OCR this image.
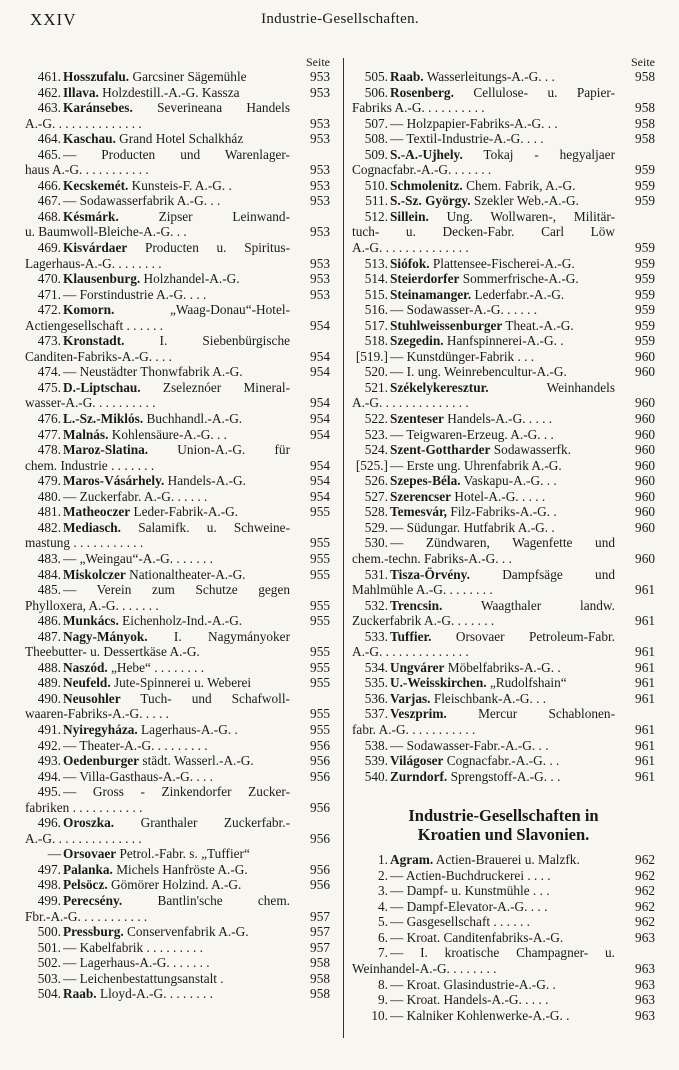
XXIV	Industrie-Gesellschaften.
Seite
461. Hosszufalu. Garcsiner Sägemühle	953
462. Illava. Holzdestill.-A.-G. Kassza	953
463. Karánsebes. Severineana Handels
A.-G. . . . . . . . . . . . . .	953
464. Kaschau. Grand Hotel Schalkház	953
465. — Producten und Warenlager-
haus A.-G. . . . . . . . . . .	953
466. Kecskemét. Kunsteis-F. A.-G. .	953
467. — Sodawasserfabrik A.-G. . .	953
468. Késmárk. Zipser Leinwand-
u. Baumwoll-Bleiche-A.-G. . .	953
469. Kisvárdaer Producten u. Spiritus-
Lagerhaus-A.-G. . . . . . . .	953
470. Klausenburg. Holzhandel-A.-G.	953
471. — Forstindustrie A.-G. . . .	953
472. Komorn. „Waag-Donau“-Hotel-
Actiengesellschaft . . . . . .	954
473. Kronstadt. I. Siebenbürgische
Canditen-Fabriks-A.-G. . . .	954
474. — Neustädter Thonwfabrik A.-G.	954
475. D.-Liptschau. Zseleznóer Mineral-
wasser-A.-G. . . . . . . . . .	954
476. L.-Sz.-Miklós. Buchhandl.-A.-G.	954
477. Malnás. Kohlensäure-A.-G. . .	954
478. Maroz-Slatina. Union-A.-G. für
chem. Industrie . . . . . . .	954
479. Maros-Vásárhely. Handels-A.-G.	954
480. — Zuckerfabr. A.-G. . . . . .	954
481. Matheoczer Leder-Fabrik-A.-G.	955
482. Mediasch. Salamifk. u. Schweine-
mastung . . . . . . . . . . .	955
483. — „Weingau“-A.-G. . . . . . .	955
484. Miskolczer Nationaltheater-A.-G.	955
485. — Verein zum Schutze gegen
Phylloxera, A.-G. . . . . . .	955
486. Munkács. Eichenholz-Ind.-A.-G.	955
487. Nagy-Mányok. I. Nagymányoker
Theebutter- u. Dessertkäse A.-G.	955
488. Naszód. „Hebe“ . . . . . . . .	955
489. Neufeld. Jute-Spinnerei u. Weberei	955
490. Neusohler Tuch- und Schafwoll-
waaren-Fabriks-A.-G. . . . .	955
491. Nyiregyháza. Lagerhaus-A.-G. .	955
492. — Theater-A.-G. . . . . . . . .	956
493. Oedenburger städt. Wasserl.-A.-G.	956
494. — Villa-Gasthaus-A.-G. . . .	956
495. — Gross - Zinkendorfer Zucker-
fabriken . . . . . . . . . . .	956
496. Oroszka. Granthaler Zuckerfabr.-
A.-G. . . . . . . . . . . . . .	956
— Orsovaer Petrol.-Fabr. s. „Tuffier“
497. Palanka. Michels Hanfröste A.-G.	956
498. Pelsöcz. Gömörer Holzind. A.-G.	956
499. Perecsény. Bantlin'sche chem.
Fbr.-A.-G. . . . . . . . . . .	957
500. Pressburg. Conservenfabrik A.-G.	957
501. — Kabelfabrik . . . . . . . . .	957
502. — Lagerhaus-A.-G. . . . . . .	958
503. — Leichenbestattungsanstalt .	958
504. Raab. Lloyd-A.-G. . . . . . . .	958
Seite
505. Raab. Wasserleitungs-A.-G. . .	958
506. Rosenberg. Cellulose- u. Papier-
Fabriks A.-G. . . . . . . . . .	958
507. — Holzpapier-Fabriks-A.-G. . .	958
508. — Textil-Industrie-A.-G. . . .	958
509. S.-A.-Ujhely. Tokaj - hegyaljaer
Cognacfabr.-A.-G. . . . . . .	959
510. Schmolenitz. Chem. Fabrik, A.-G.	959
511. S.-Sz. György. Szekler Web.-A.-G.	959
512. Sillein. Ung. Wollwaren-, Militär-
tuch- u. Decken-Fabr. Carl Löw
A.-G. . . . . . . . . . . . . .	959
513. Siófok. Plattensee-Fischerei-A.-G.	959
514. Steierdorfer Sommerfrische-A.-G.	959
515. Steinamanger. Lederfabr.-A.-G.	959
516. — Sodawasser-A.-G. . . . . .	959
517. Stuhlweissenburger Theat.-A.-G.	959
518. Szegedin. Hanfspinnerei-A.-G. .	959
[519.] — Kunstdünger-Fabrik . . .	960
520. — I. ung. Weinrebencultur-A.-G.	960
521. Székelykeresztur. Weinhandels
A.-G. . . . . . . . . . . . . .	960
522. Szenteser Handels-A.-G. . . . .	960
523. — Teigwaren-Erzeug. A.-G. . .	960
524. Szent-Gottharder Sodawasserfk.	960
[525.] — Erste ung. Uhrenfabrik A.-G.	960
526. Szepes-Béla. Vaskapu-A.-G. . .	960
527. Szerencser Hotel-A.-G. . . . .	960
528. Temesvár, Filz-Fabriks-A.-G. .	960
529. — Südungar. Hutfabrik A.-G. .	960
530. — Zündwaren, Wagenfette und
chem.-techn. Fabriks-A.-G. . .	960
531. Tisza-Örvény. Dampfsäge und
Mahlmühle A.-G. . . . . . . .	961
532. Trencsin. Waagthaler landw.
Zuckerfabrik A.-G. . . . . . .	961
533. Tuffier. Orsovaer Petroleum-Fabr.
A.-G. . . . . . . . . . . . . .	961
534. Ungvárer Möbelfabriks-A.-G. .	961
535. U.-Weisskirchen. „Rudolfshain“	961
536. Varjas. Fleischbank-A.-G. . .	961
537. Veszprim. Mercur Schablonen-
fabr. A.-G. . . . . . . . . . .	961
538. — Sodawasser-Fabr.-A.-G. . .	961
539. Világoser Cognacfabr.-A.-G. . .	961
540. Zurndorf. Sprengstoff-A.-G. . .	961
Industrie-Gesellschaften in
Kroatien und Slavonien.
1. Agram. Actien-Brauerei u. Malzfk.	962
2. — Actien-Buchdruckerei . . . .	962
3. — Dampf- u. Kunstmühle . . .	962
4. — Dampf-Elevator-A.-G. . . .	962
5. — Gasgesellschaft . . . . . .	962
6. — Kroat. Canditenfabriks-A.-G.	963
7. — I. kroatische Champagner- u.
Weinhandel-A.-G. . . . . . . .	963
8. — Kroat. Glasindustrie-A.-G. .	963
9. — Kroat. Handels-A.-G. . . . .	963
10. — Kalniker Kohlenwerke-A.-G. .	963
